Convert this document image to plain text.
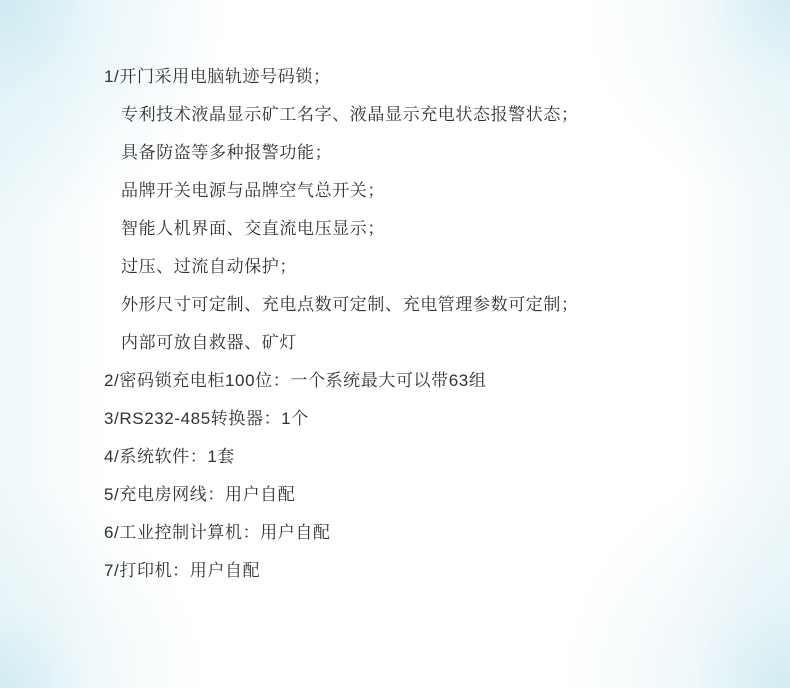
1/开门采用电脑轨迹号码锁；
专利技术液晶显示矿工名字、液晶显示充电状态报警状态；
具备防盗等多种报警功能；
品牌开关电源与品牌空气总开关；
智能人机界面、交直流电压显示；
过压、过流自动保护；
外形尺寸可定制、充电点数可定制、充电管理参数可定制；
内部可放自救器、矿灯
2/密码锁充电柜100位：一个系统最大可以带63组
3/RS232-485转换器：1个
4/系统软件：1套
5/充电房网线：用户自配
6/工业控制计算机：用户自配
7/打印机：用户自配
